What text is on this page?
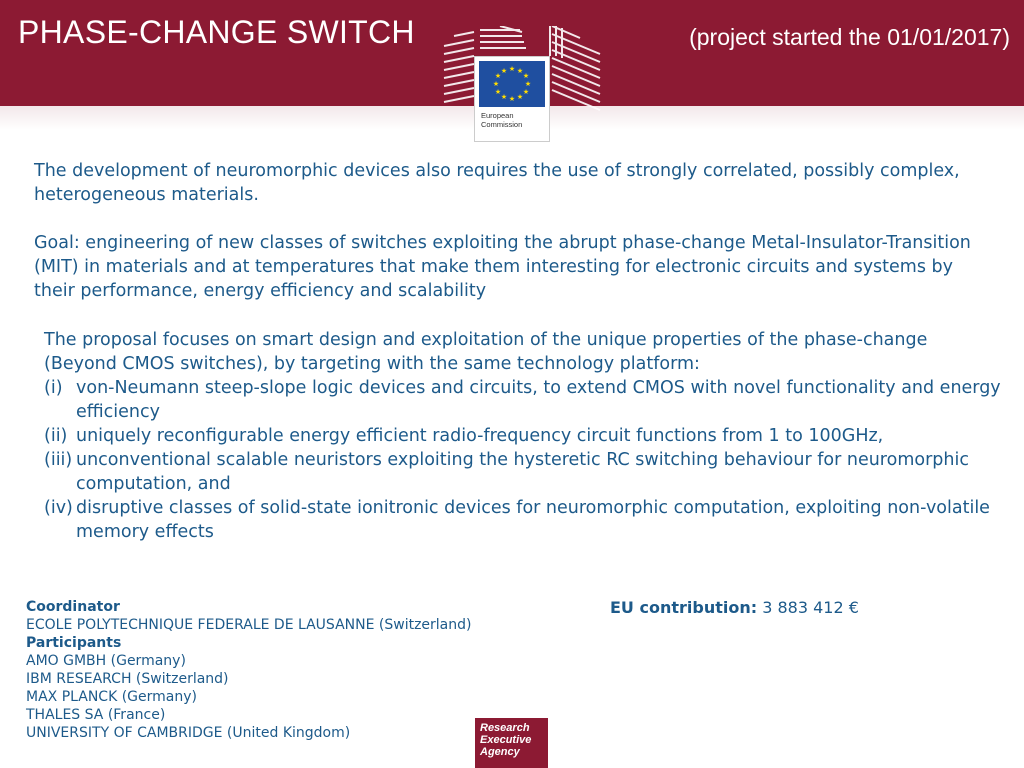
PHASE-CHANGE SWITCH	(project started the 01/01/2017)
★ ★
★
★
★
★
★
★
★
★
★
★
European
Commission
The development of neuromorphic devices also requires the use of strongly correlated, possibly complex, heterogeneous materials.
Goal: engineering of new classes of switches exploiting the abrupt phase-change Metal-Insulator-Transition (MIT) in materials and at temperatures that make them interesting for electronic circuits and systems by their performance, energy efficiency and scalability
The proposal focuses on smart design and exploitation of the unique properties of the phase-change (Beyond CMOS switches), by targeting with the same technology platform:
(i) von-Neumann steep-slope logic devices and circuits, to extend CMOS with novel functionality and energy efficiency
(ii) uniquely reconfigurable energy efficient radio-frequency circuit functions from 1 to 100GHz,
(iii) unconventional scalable neuristors exploiting the hysteretic RC switching behaviour for neuromorphic computation, and
(iv) disruptive classes of solid-state ionitronic devices for neuromorphic computation, exploiting non-volatile memory effects
Coordinator
ECOLE POLYTECHNIQUE FEDERALE DE LAUSANNE (Switzerland)
Participants
AMO GMBH (Germany)
IBM RESEARCH (Switzerland)
MAX PLANCK (Germany)
THALES SA (France)
UNIVERSITY OF CAMBRIDGE (United Kingdom)
EU contribution: 3 883 412 €
Research
Executive
Agency
